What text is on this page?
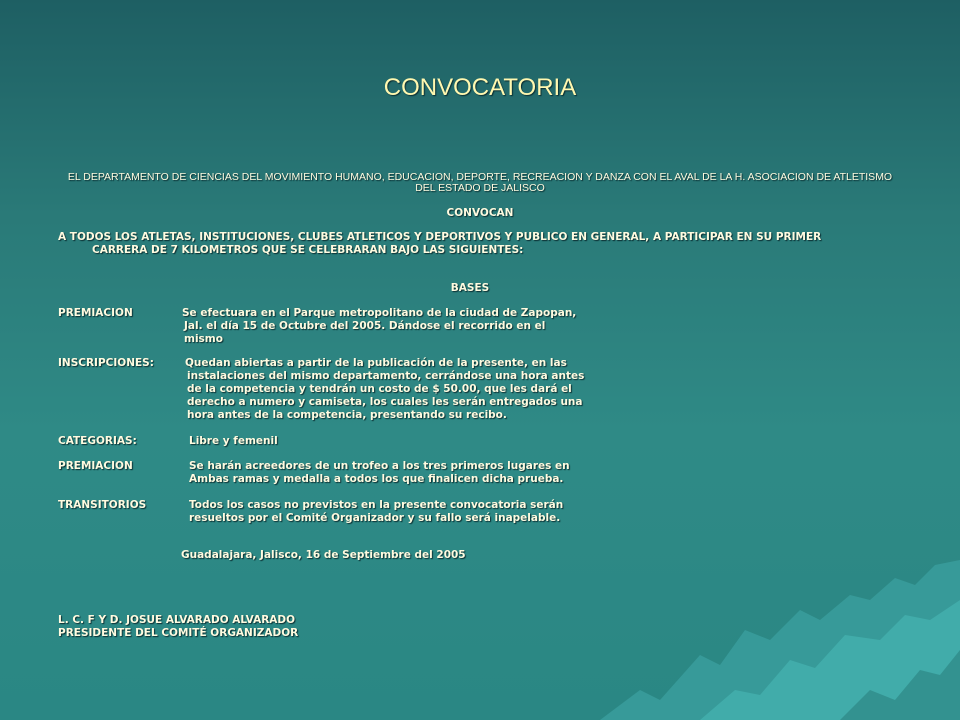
CONVOCATORIA
EL DEPARTAMENTO DE CIENCIAS DEL MOVIMIENTO HUMANO, EDUCACION, DEPORTE, RECREACION Y DANZA CON EL AVAL DE LA H. ASOCIACION DE ATLETISMO DEL ESTADO DE JALISCO
CONVOCAN
A TODOS LOS ATLETAS, INSTITUCIONES, CLUBES ATLETICOS Y DEPORTIVOS Y PUBLICO EN GENERAL, A PARTICIPAR EN SU PRIMER
CARRERA DE 7 KILOMETROS QUE SE CELEBRARAN BAJO LAS SIGUIENTES:
BASES
PREMIACION	Se efectuara en el Parque metropolitano de la ciudad de Zapopan,
Jal. el día 15 de Octubre del 2005. Dándose el recorrido en el
mismo
INSCRIPCIONES:	Quedan abiertas a partir de la publicación de la presente, en las
instalaciones del mismo departamento, cerrándose una hora antes
de la competencia y tendrán un costo de $ 50.00, que les dará el
derecho a numero y camiseta, los cuales les serán entregados una
hora antes de la competencia, presentando su recibo.
CATEGORIAS:	Libre y femenil
PREMIACION	Se harán acreedores de un trofeo a los tres primeros lugares en
Ambas ramas y medalla a todos los que finalicen dicha prueba.
TRANSITORIOS	Todos los casos no previstos en la presente convocatoria serán
resueltos por el Comité Organizador y su fallo será inapelable.
Guadalajara, Jalisco, 16 de Septiembre del 2005
L. C. F Y D. JOSUE ALVARADO ALVARADO
PRESIDENTE DEL COMITÉ ORGANIZADOR
